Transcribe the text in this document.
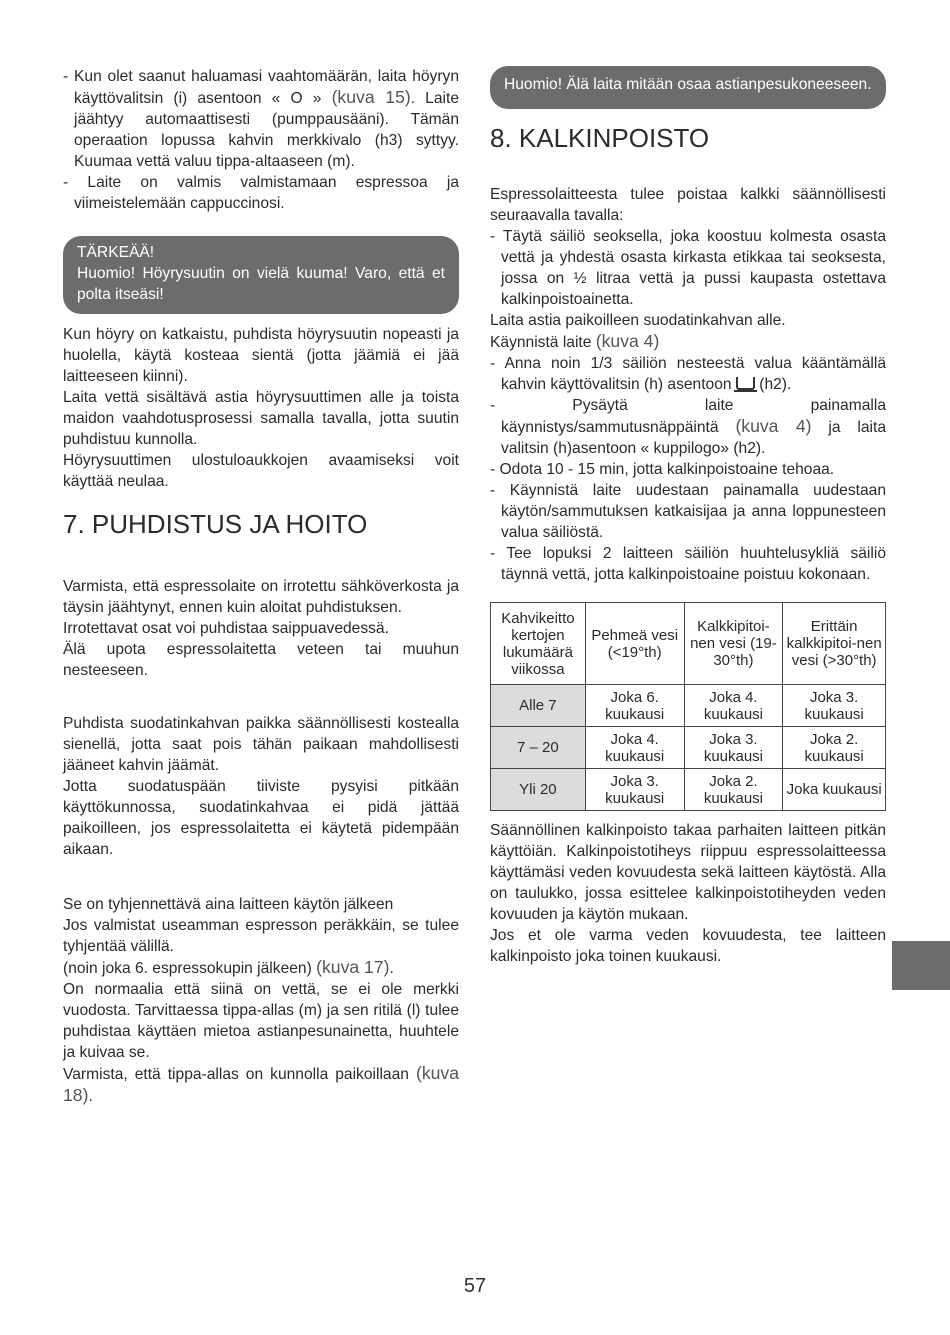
- Kun olet saanut haluamasi vaahtomäärän, laita höyryn käyttövalitsin (i) asentoon « O » (kuva 15). Laite jäähtyy automaattisesti (pumppausääni). Tämän operaation lopussa kahvin merkkivalo (h3) syttyy. Kuumaa vettä valuu tippa-altaaseen (m).

- Laite on valmis valmistamaan espressoa ja viimeistelemään cappuccinosi.

TÄRKEÄÄ!

Huomio! Höyrysuutin on vielä kuuma! Varo, että et polta itseäsi!

Kun höyry on katkaistu, puhdista höyrysuutin nopeasti ja huolella, käytä kosteaa sientä (jotta jäämiä ei jää laitteeseen kiinni).

Laita vettä sisältävä astia höyrysuuttimen alle ja toista maidon vaahdotusprosessi samalla tavalla, jotta suutin puhdistuu kunnolla.

Höyrysuuttimen ulostuloaukkojen avaamiseksi voit käyttää neulaa.

7. PUHDISTUS JA HOITO

Varmista, että espressolaite on irrotettu sähköverkosta ja täysin jäähtynyt, ennen kuin aloitat puhdistuksen.

Irrotettavat osat voi puhdistaa saippuavedessä.

Älä upota espressolaitetta veteen tai muuhun nesteeseen.

Puhdista suodatinkahvan paikka säännöllisesti kostealla sienellä, jotta saat pois tähän paikaan mahdollisesti jääneet kahvin jäämät.

Jotta suodatuspään tiiviste pysyisi pitkään käyttökunnossa, suodatinkahvaa ei pidä jättää paikoilleen, jos espressolaitetta ei käytetä pidempään aikaan.

Se on tyhjennettävä aina laitteen käytön jälkeen

Jos valmistat useamman espresson peräkkäin, se tulee tyhjentää välillä.

(noin joka 6. espressokupin jälkeen) (kuva 17).

On normaalia että siinä on vettä, se ei ole merkki vuodosta. Tarvittaessa tippa-allas (m) ja sen ritilä (l) tulee puhdistaa käyttäen mietoa astianpesunainetta, huuhtele ja kuivaa se.

Varmista, että tippa-allas on kunnolla paikoillaan (kuva 18).

Huomio! Älä laita mitään osaa astianpesukoneeseen.

8. KALKINPOISTO

Espressolaitteesta tulee poistaa kalkki säännöllisesti seuraavalla tavalla:

- Täytä säiliö seoksella, joka koostuu kolmesta osasta vettä ja yhdestä osasta kirkasta etikkaa tai seoksesta, jossa on ½ litraa vettä ja pussi kaupasta ostettava kalkinpoistoainetta.

Laita astia paikoilleen suodatinkahvan alle.

Käynnistä laite (kuva 4)

- Anna noin 1/3 säiliön nesteestä valua kääntämällä kahvin käyttövalitsin (h) asentoon (h2).

- Pysäytä laite painamalla käynnistys/sammutusnäppäintä (kuva 4) ja laita valitsin (h)asentoon « kuppilogo» (h2).

- Odota 10 - 15 min, jotta kalkinpoistoaine tehoaa.

- Käynnistä laite uudestaan painamalla uudestaan käytön/sammutuksen katkaisijaa ja anna loppunesteen valua säiliöstä.

- Tee lopuksi 2 laitteen säiliön huuhtelusykliä säiliö täynnä vettä, jotta kalkinpoistoaine poistuu kokonaan.

Kahvikeitto kertojen lukumäärä viikossa	Pehmeä vesi (<19°th)	Kalkkipitoi-nen vesi (19-30°th)	Erittäin kalkkipitoi-nen vesi (>30°th)
Alle 7	Joka 6. kuukausi	Joka 4. kuukausi	Joka 3. kuukausi
7 – 20	Joka 4. kuukausi	Joka 3. kuukausi	Joka 2. kuukausi
Yli 20	Joka 3. kuukausi	Joka 2. kuukausi	Joka kuukausi

Säännöllinen kalkinpoisto takaa parhaiten laitteen pitkän käyttöiän. Kalkinpoistotiheys riippuu espressolaitteessa käyttämäsi veden kovuudesta sekä laitteen käytöstä. Alla on taulukko, jossa esittelee kalkinpoistotiheyden veden kovuuden ja käytön mukaan.

Jos et ole varma veden kovuudesta, tee laitteen kalkinpoisto joka toinen kuukausi.

57
